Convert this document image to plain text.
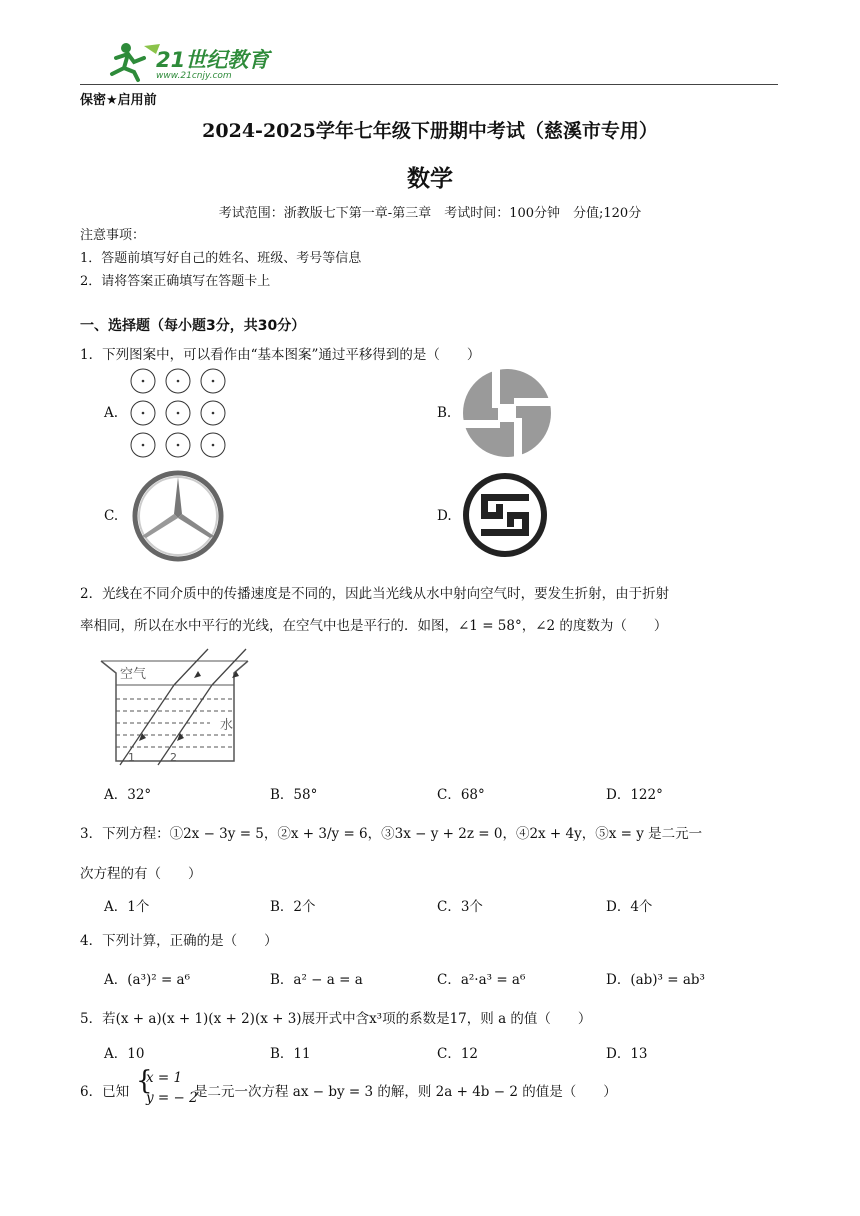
21世纪教育
www.21cnjy.com
保密★启用前
2024-2025学年七年级下册期中考试（慈溪市专用）
数学
考试范围：浙教版七下第一章-第三章　考试时间：100分钟　分值;120分
注意事项：
1．答题前填写好自己的姓名、班级、考号等信息
2．请将答案正确填写在答题卡上
一、选择题（每小题3分，共30分）
1．下列图案中，可以看作由“基本图案”通过平移得到的是（　　）
A.	B.
C.	D.
2．光线在不同介质中的传播速度是不同的，因此当光线从水中射向空气时，要发生折射，由于折射
率相同，所以在水中平行的光线，在空气中也是平行的．如图，∠1 = 58°，∠2 的度数为（　　）
空气
水
1	2
A．32°	B．58°	C．68°	D．122°
3．下列方程：①2x − 3y = 5，②x + 3/y = 6，③3x − y + 2z = 0，④2x + 4y，⑤x = y 是二元一
次方程的有（　　）
A．1个	B．2个	C．3个	D．4个
4．下列计算，正确的是（　　）
A．(a³)² = a⁶	B．a² − a = a	C．a²·a³ = a⁶	D．(ab)³ = ab³
5．若(x + a)(x + 1)(x + 2)(x + 3)展开式中含x³项的系数是17，则 a 的值（　　）
A．10	B．11	C．12	D．13
6．已知 {
x = 1
y = − 2
是二元一次方程 ax − by = 3 的解，则 2a + 4b − 2 的值是（　　）
